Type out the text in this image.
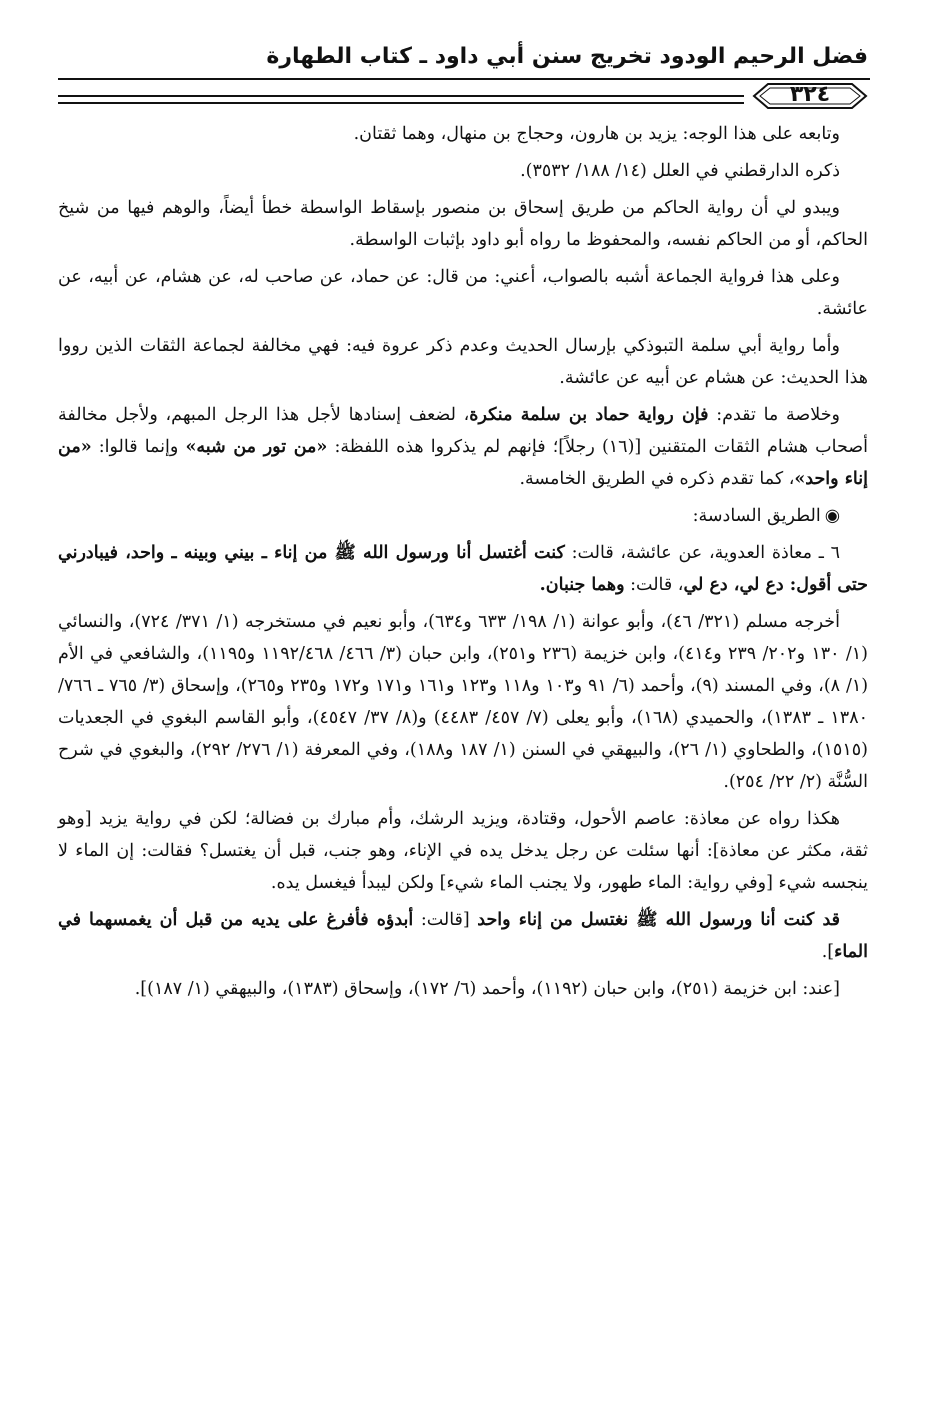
فضل الرحيم الودود تخريج سنن أبي داود ـ كتاب الطهارة
٣٢٤

وتابعه على هذا الوجه: يزيد بن هارون، وحجاج بن منهال، وهما ثقتان.

ذكره الدارقطني في العلل (١٤/ ١٨٨/ ٣٥٣٢).

ويبدو لي أن رواية الحاكم من طريق إسحاق بن منصور بإسقاط الواسطة خطأ أيضاً، والوهم فيها من شيخ الحاكم، أو من الحاكم نفسه، والمحفوظ ما رواه أبو داود بإثبات الواسطة.

وعلى هذا فرواية الجماعة أشبه بالصواب، أعني: من قال: عن حماد، عن صاحب له، عن هشام، عن أبيه، عن عائشة.

وأما رواية أبي سلمة التبوذكي بإرسال الحديث وعدم ذكر عروة فيه: فهي مخالفة لجماعة الثقات الذين رووا هذا الحديث: عن هشام عن أبيه عن عائشة.

وخلاصة ما تقدم: فإن رواية حماد بن سلمة منكرة، لضعف إسنادها لأجل هذا الرجل المبهم، ولأجل مخالفة أصحاب هشام الثقات المتقنين [(١٦) رجلاً]؛ فإنهم لم يذكروا هذه اللفظة: «من تور من شبه» وإنما قالوا: «من إناء واحد»، كما تقدم ذكره في الطريق الخامسة.

◉الطريق السادسة:

٦ ـ معاذة العدوية، عن عائشة، قالت: كنت أغتسل أنا ورسول الله ﷺ من إناء ـ بيني وبينه ـ واحد، فيبادرني حتى أقول: دع لي، دع لي، قالت: وهما جنبان.

أخرجه مسلم (٣٢١/ ٤٦)، وأبو عوانة (١/ ١٩٨/ ٦٣٣ و٦٣٤)، وأبو نعيم في مستخرجه (١/ ٣٧١/ ٧٢٤)، والنسائي (١/ ١٣٠ و٢٠٢/ ٢٣٩ و٤١٤)، وابن خزيمة (٢٣٦ و٢٥١)، وابن حبان (٣/ ٤٦٦/ ١١٩٢/٤٦٨ و١١٩٥)، والشافعي في الأم (١/ ٨)، وفي المسند (٩)، وأحمد (٦/ ٩١ و١٠٣ و١١٨ و١٢٣ و١٦١ و١٧١ و١٧٢ و٢٣٥ و٢٦٥)، وإسحاق (٣/ ٧٦٥ ـ ٧٦٦/ ١٣٨٠ ـ ١٣٨٣)، والحميدي (١٦٨)، وأبو يعلى (٧/ ٤٥٧/ ٤٤٨٣) و(٨/ ٣٧/ ٤٥٤٧)، وأبو القاسم البغوي في الجعديات (١٥١٥)، والطحاوي (١/ ٢٦)، والبيهقي في السنن (١/ ١٨٧ و١٨٨)، وفي المعرفة (١/ ٢٧٦/ ٢٩٢)، والبغوي في شرح السُّنَّة (٢/ ٢٢/ ٢٥٤).

هكذا رواه عن معاذة: عاصم الأحول، وقتادة، ويزيد الرشك، وأم مبارك بن فضالة؛ لكن في رواية يزيد [وهو ثقة، مكثر عن معاذة]: أنها سئلت عن رجل يدخل يده في الإناء، وهو جنب، قبل أن يغتسل؟ فقالت: إن الماء لا ينجسه شيء [وفي رواية: الماء طهور، ولا يجنب الماء شيء] ولكن ليبدأ فيغسل يده.

قد كنت أنا ورسول الله ﷺ نغتسل من إناء واحد [قالت: أبدؤه فأفرغ على يديه من قبل أن يغمسهما في الماء].

[عند: ابن خزيمة (٢٥١)، وابن حبان (١١٩٢)، وأحمد (٦/ ١٧٢)، وإسحاق (١٣٨٣)، والبيهقي (١/ ١٨٧)].
